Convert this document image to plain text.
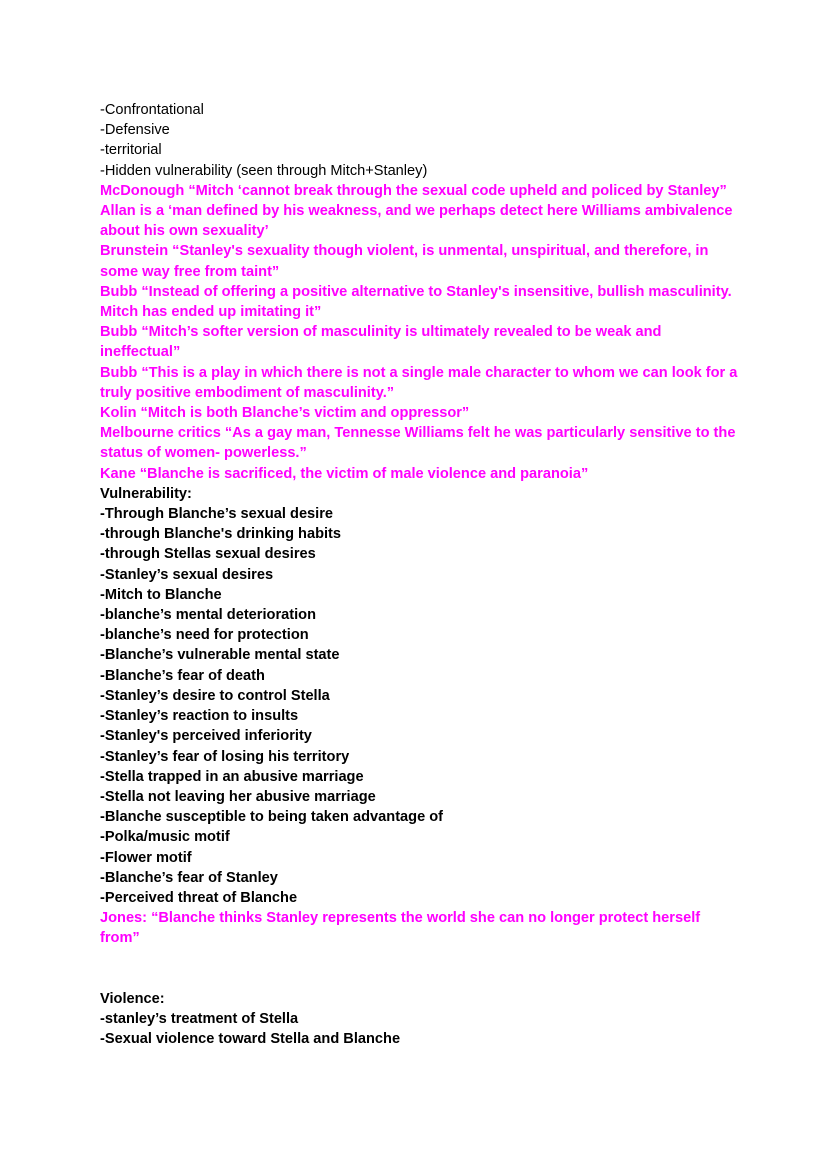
-Confrontational
-Defensive
-territorial
-Hidden vulnerability (seen through Mitch+Stanley)
McDonough “Mitch ‘cannot break through the sexual code upheld and policed by Stanley”
Allan is a ‘man defined by his weakness, and we perhaps detect here Williams ambivalence about his own sexuality’
Brunstein “Stanley's sexuality though violent, is unmental, unspiritual, and therefore, in some way free from taint”
Bubb “Instead of offering a positive alternative to Stanley's insensitive, bullish masculinity. Mitch has ended up imitating it”
Bubb “Mitch’s softer version of masculinity is ultimately revealed to be weak and ineffectual”
Bubb “This is a play in which there is not a single male character to whom we can look for a truly positive embodiment of masculinity.”
Kolin “Mitch is both Blanche’s victim and oppressor”
Melbourne critics “As a gay man, Tennesse Williams felt he was particularly sensitive to the status of women- powerless.”
Kane “Blanche is sacrificed, the victim of male violence and paranoia”
Vulnerability:
-Through Blanche’s sexual desire
-through Blanche's drinking habits
-through Stellas sexual desires
-Stanley’s sexual desires
-Mitch to Blanche
-blanche’s mental deterioration
-blanche’s need for protection
-Blanche’s vulnerable mental state
-Blanche’s fear of death
-Stanley’s desire to control Stella
-Stanley’s reaction to insults
-Stanley's perceived inferiority
-Stanley’s fear of losing his territory
-Stella trapped in an abusive marriage
-Stella not leaving her abusive marriage
-Blanche susceptible to being taken advantage of
-Polka/music motif
-Flower motif
-Blanche’s fear of Stanley
-Perceived threat of Blanche
Jones: “Blanche thinks Stanley represents the world she can no longer protect herself from”
Violence:
-stanley’s treatment of Stella
-Sexual violence toward Stella and Blanche
